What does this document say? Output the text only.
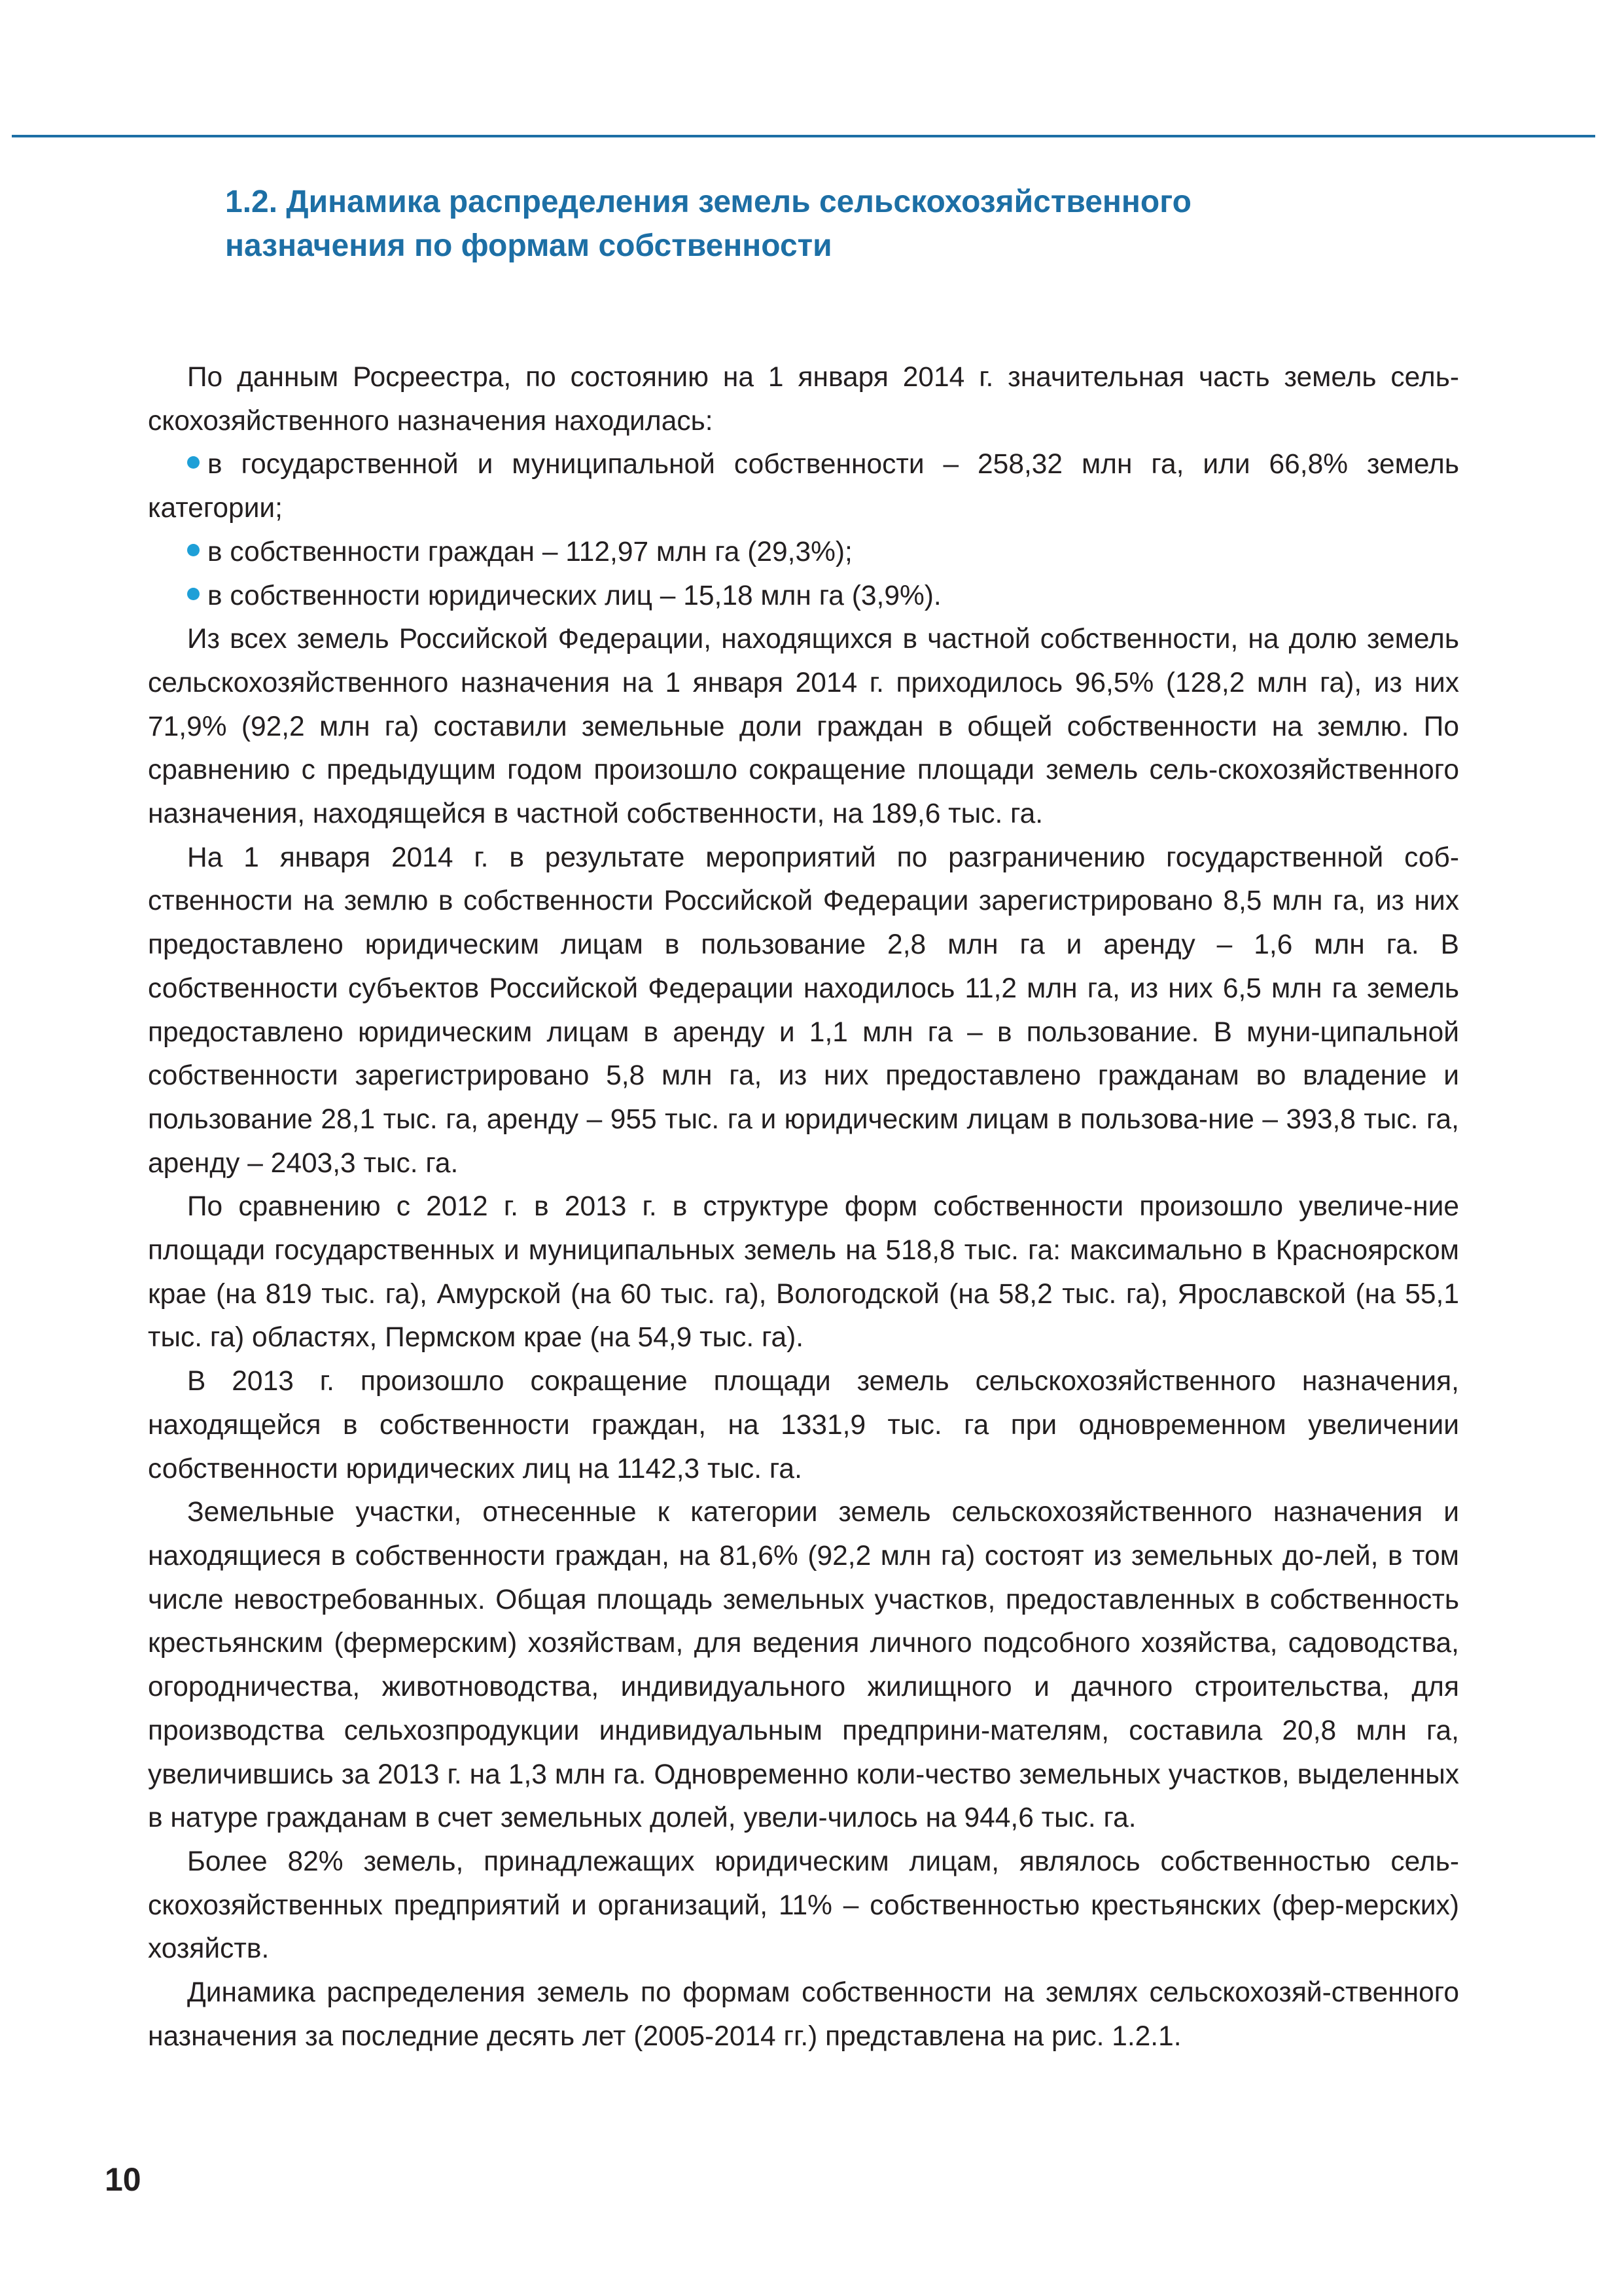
1.2. Динамика распределения земель сельскохозяйственного
назначения по формам собственности

По данным Росреестра, по состоянию на 1 января 2014 г. значительная часть земель сель-скохозяйственного назначения находилась:

в государственной и муниципальной собственности – 258,32 млн га, или 66,8% земель категории;

в собственности граждан – 112,97 млн га (29,3%);

в собственности юридических лиц – 15,18 млн га (3,9%).

Из всех земель Российской Федерации, находящихся в частной собственности, на долю земель сельскохозяйственного назначения на 1 января 2014 г. приходилось 96,5% (128,2 млн га), из них 71,9% (92,2 млн га) составили земельные доли граждан в общей собственности на землю. По сравнению с предыдущим годом произошло сокращение площади земель сель-скохозяйственного назначения, находящейся в частной собственности, на 189,6 тыс. га.

На 1 января 2014 г. в результате мероприятий по разграничению государственной соб-ственности на землю в собственности Российской Федерации зарегистрировано 8,5 млн га, из них предоставлено юридическим лицам в пользование 2,8 млн га и аренду – 1,6 млн га. В собственности субъектов Российской Федерации находилось 11,2 млн га, из них 6,5 млн га земель предоставлено юридическим лицам в аренду и 1,1 млн га – в пользование. В муни-ципальной собственности зарегистрировано 5,8 млн га, из них предоставлено гражданам во владение и пользование 28,1 тыс. га, аренду – 955 тыс. га и юридическим лицам в пользова-ние – 393,8 тыс. га, аренду – 2403,3 тыс. га.

По сравнению с 2012 г. в 2013 г. в структуре форм собственности произошло увеличе-ние площади государственных и муниципальных земель на 518,8 тыс. га: максимально в Красноярском крае (на 819 тыс. га), Амурской (на 60 тыс. га), Вологодской (на 58,2 тыс. га), Ярославской (на 55,1 тыс. га) областях, Пермском крае (на 54,9 тыс. га).

В 2013 г. произошло сокращение площади земель сельскохозяйственного назначения, находящейся в собственности граждан, на 1331,9 тыс. га при одновременном увеличении собственности юридических лиц на 1142,3 тыс. га.

Земельные участки, отнесенные к категории земель сельскохозяйственного назначения и находящиеся в собственности граждан, на 81,6% (92,2 млн га) состоят из земельных до-лей, в том числе невостребованных. Общая площадь земельных участков, предоставленных в собственность крестьянским (фермерским) хозяйствам, для ведения личного подсобного хозяйства, садоводства, огородничества, животноводства, индивидуального жилищного и дачного строительства, для производства сельхозпродукции индивидуальным предприни-мателям, составила 20,8 млн га, увеличившись за 2013 г. на 1,3 млн га. Одновременно коли-чество земельных участков, выделенных в натуре гражданам в счет земельных долей, увели-чилось на 944,6 тыс. га.

Более 82% земель, принадлежащих юридическим лицам, являлось собственностью сель-скохозяйственных предприятий и организаций, 11% – собственностью крестьянских (фер-мерских) хозяйств.

Динамика распределения земель по формам собственности на землях сельскохозяй-ственного назначения за последние десять лет (2005-2014 гг.) представлена на рис. 1.2.1.

10
